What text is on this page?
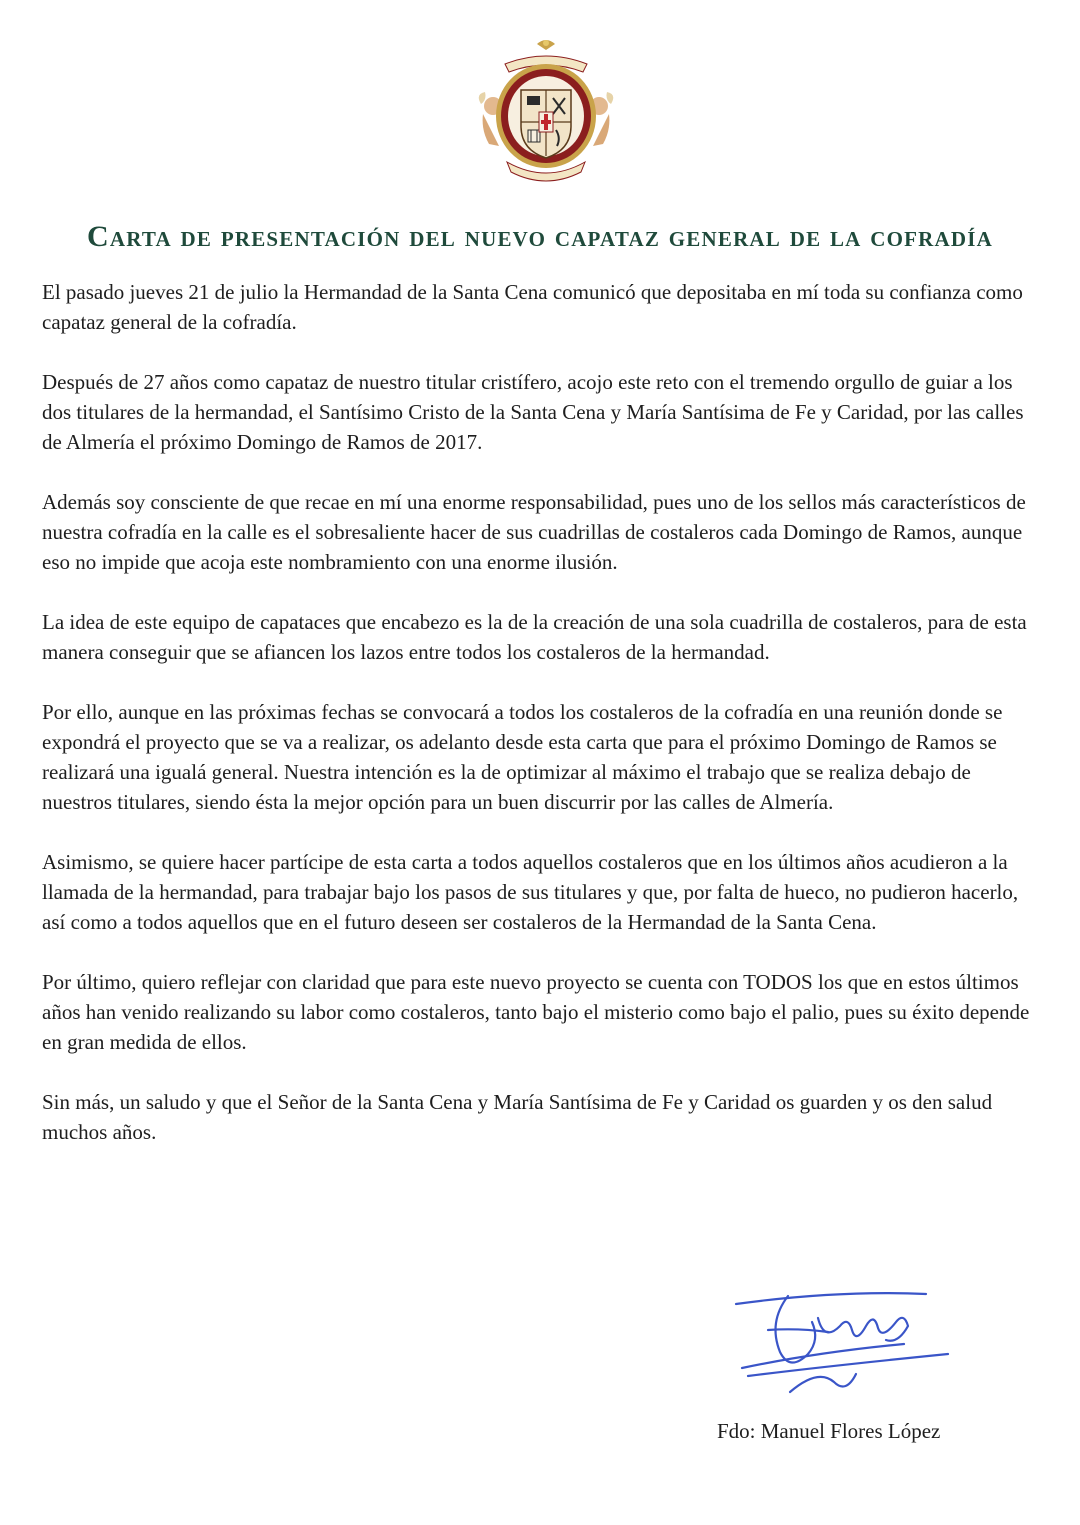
Carta de presentación del nuevo capataz general de la cofradía

El pasado jueves 21 de julio la Hermandad de la Santa Cena comunicó que depositaba en mí toda su confianza como capataz general de la cofradía.

Después de 27 años como capataz de nuestro titular cristífero, acojo este reto con el tremendo orgullo de guiar a los dos titulares de la hermandad, el Santísimo Cristo de la Santa Cena y María Santísima de Fe y Caridad, por las calles de Almería el próximo Domingo de Ramos de 2017.

Además soy consciente de que recae en mí una enorme responsabilidad, pues uno de los sellos más característicos de nuestra cofradía en la calle es el sobresaliente hacer de sus cuadrillas de costaleros cada Domingo de Ramos, aunque eso no impide que acoja este nombramiento con una enorme ilusión.

La idea de este equipo de capataces que encabezo es la de la creación de una sola cuadrilla de costaleros, para de esta manera conseguir que se afiancen los lazos entre todos los costaleros de la hermandad.

Por ello, aunque en las próximas fechas se convocará a todos los costaleros de la cofradía en una reunión donde se expondrá el proyecto que se va a realizar, os adelanto desde esta carta que para el próximo Domingo de Ramos se realizará una igualá general. Nuestra intención es la de optimizar al máximo el trabajo que se realiza debajo de nuestros titulares, siendo ésta la mejor opción para un buen discurrir por las calles de Almería.

Asimismo, se quiere hacer partícipe de esta carta a todos aquellos costaleros que en los últimos años acudieron a la llamada de la hermandad, para trabajar bajo los pasos de sus titulares y que, por falta de hueco, no pudieron hacerlo, así como a todos aquellos que en el futuro deseen ser costaleros de la Hermandad de la Santa Cena.

Por último, quiero reflejar con claridad que para este nuevo proyecto se cuenta con TODOS los que en estos últimos años han venido realizando su labor como costaleros, tanto bajo el misterio como bajo el palio, pues su éxito depende en gran medida de ellos.

Sin más, un saludo y que el Señor de la Santa Cena y María Santísima de Fe y Caridad os guarden y os den salud muchos años.

Fdo: Manuel Flores López
